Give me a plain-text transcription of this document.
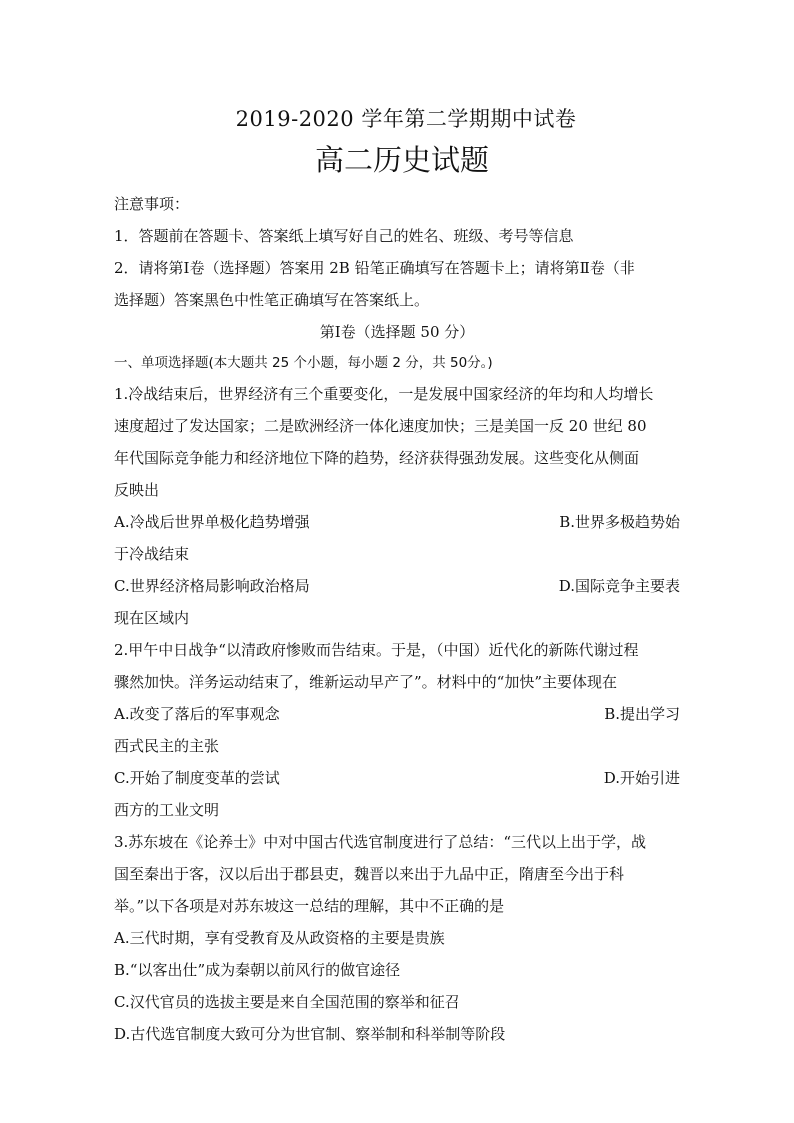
2019-2020 学年第二学期期中试卷
高二历史试题
注意事项：
1．答题前在答题卡、答案纸上填写好自己的姓名、班级、考号等信息
2．请将第Ⅰ卷（选择题）答案用 2B 铅笔正确填写在答题卡上；请将第Ⅱ卷（非
选择题）答案黑色中性笔正确填写在答案纸上。
第Ⅰ卷（选择题 50 分）
一、单项选择题(本大题共 25 个小题，每小题 2 分，共 50分。)
1.冷战结束后，世界经济有三个重要变化，一是发展中国家经济的年均和人均增长
速度超过了发达国家；二是欧洲经济一体化速度加快；三是美国一反 20 世纪 80
年代国际竞争能力和经济地位下降的趋势，经济获得强劲发展。这些变化从侧面
反映出
A.冷战后世界单极化趋势增强	B.世界多极趋势始
于冷战结束
C.世界经济格局影响政治格局	D.国际竞争主要表
现在区域内
2.甲午中日战争“以清政府惨败而告结束。于是，（中国）近代化的新陈代谢过程
骤然加快。洋务运动结束了，维新运动早产了”。材料中的“加快”主要体现在
A.改变了落后的军事观念	B.提出学习
西式民主的主张
C.开始了制度变革的尝试	D.开始引进
西方的工业文明
3.苏东坡在《论养士》中对中国古代选官制度进行了总结：“三代以上出于学，战
国至秦出于客，汉以后出于郡县吏，魏晋以来出于九品中正，隋唐至今出于科
举。”以下各项是对苏东坡这一总结的理解，其中不正确的是
A.三代时期，享有受教育及从政资格的主要是贵族
B.“以客出仕”成为秦朝以前风行的做官途径
C.汉代官员的选拔主要是来自全国范围的察举和征召
D.古代选官制度大致可分为世官制、察举制和科举制等阶段
